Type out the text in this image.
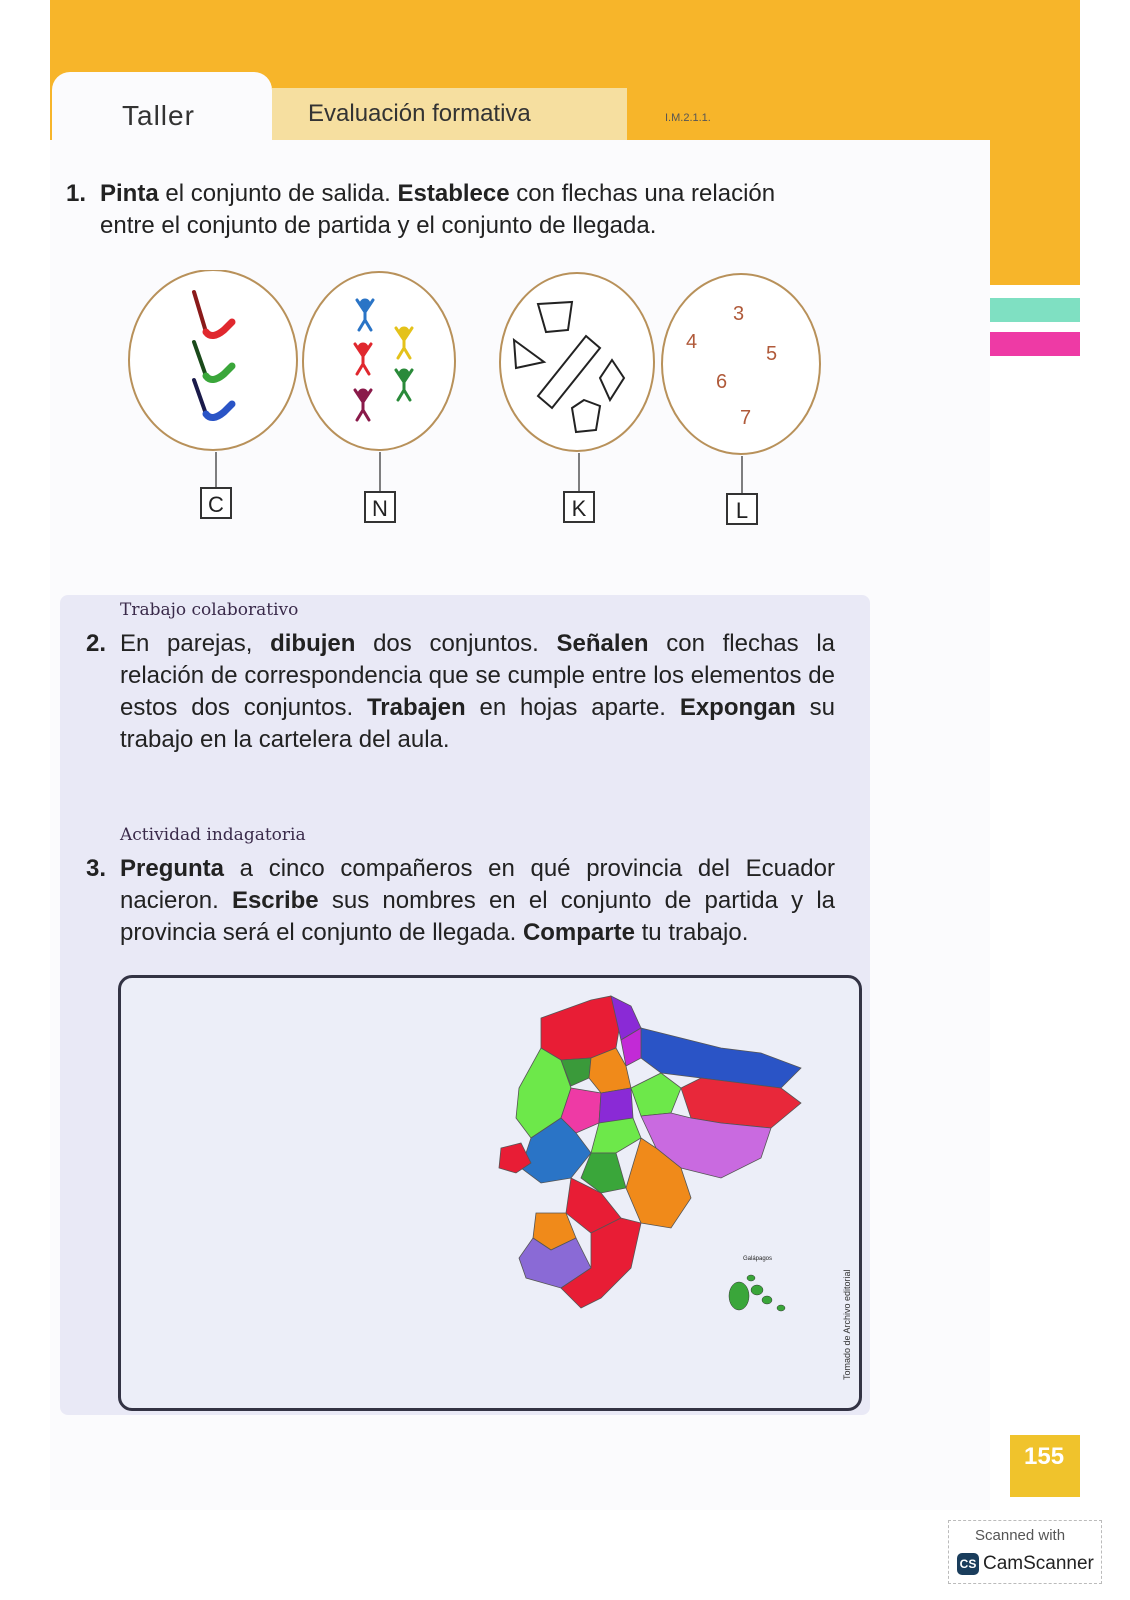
Taller	Evaluación formativa	I.M.2.1.1.
1. Pinta el conjunto de salida. Establece con flechas una relación
entre el conjunto de partida y el conjunto de llegada.
C	N	K
3
4
5
6
7
L
Trabajo colaborativo
2. En parejas, dibujen dos conjuntos. Señalen con flechas la relación de correspondencia que se cumple entre los elementos de estos dos conjuntos. Trabajen en hojas aparte. Expongan su trabajo en la cartelera del aula.
Actividad indagatoria
3. Pregunta a cinco compañeros en qué provincia del Ecuador nacieron. Escribe sus nombres en el conjunto de partida y la provincia será el conjunto de llegada. Comparte tu trabajo.
Galápagos
Tomado de Archivo editorial
155
Scanned with
CS CamScanner
